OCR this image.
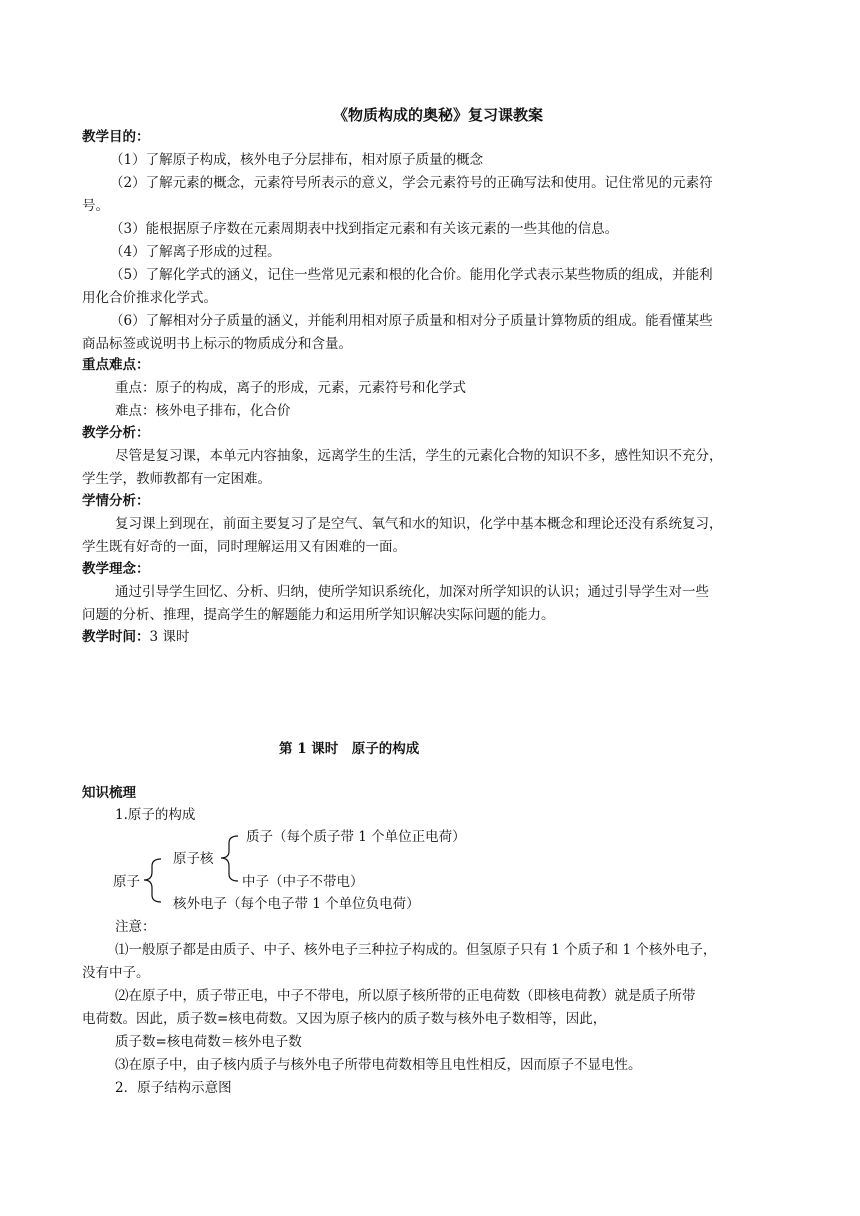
《物质构成的奥秘》复习课教案
教学目的：
（1）了解原子构成，核外电子分层排布，相对原子质量的概念
（2）了解元素的概念，元素符号所表示的意义，学会元素符号的正确写法和使用。记住常见的元素符
号。
（3）能根据原子序数在元素周期表中找到指定元素和有关该元素的一些其他的信息。
（4）了解离子形成的过程。
（5）了解化学式的涵义，记住一些常见元素和根的化合价。能用化学式表示某些物质的组成，并能利
用化合价推求化学式。
（6）了解相对分子质量的涵义，并能利用相对原子质量和相对分子质量计算物质的组成。能看懂某些
商品标签或说明书上标示的物质成分和含量。
重点难点：
重点：原子的构成，离子的形成，元素，元素符号和化学式
难点：核外电子排布，化合价
教学分析：
尽管是复习课，本单元内容抽象，远离学生的生活，学生的元素化合物的知识不多，感性知识不充分，
学生学，教师教都有一定困难。
学情分析：
复习课上到现在，前面主要复习了是空气、氧气和水的知识，化学中基本概念和理论还没有系统复习，
学生既有好奇的一面，同时理解运用又有困难的一面。
教学理念：
通过引导学生回忆、分析、归纳，使所学知识系统化，加深对所学知识的认识；通过引导学生对一些
问题的分析、推理，提高学生的解题能力和运用所学知识解决实际问题的能力。
教学时间：3 课时
第 1 课时　原子的构成
知识梳理
1.原子的构成
质子（每个质子带 1 个单位正电荷）
原子核
原子	中子（中子不带电）
核外电子（每个电子带 1 个单位负电荷）
注意：
⑴一般原子都是由质子、中子、核外电子三种拉子构成的。但氢原子只有 1 个质子和 1 个核外电子，
没有中子。
⑵在原子中，质子带正电，中子不带电，所以原子核所带的正电荷数（即核电荷教）就是质子所带
电荷数。因此，质子数=核电荷数。又因为原子核内的质子数与核外电子数相等，因此，
质子数=核电荷数＝核外电子数
⑶在原子中，由子核内质子与核外电子所带电荷数相等且电性相反，因而原子不显电性。
2．原子结构示意图
